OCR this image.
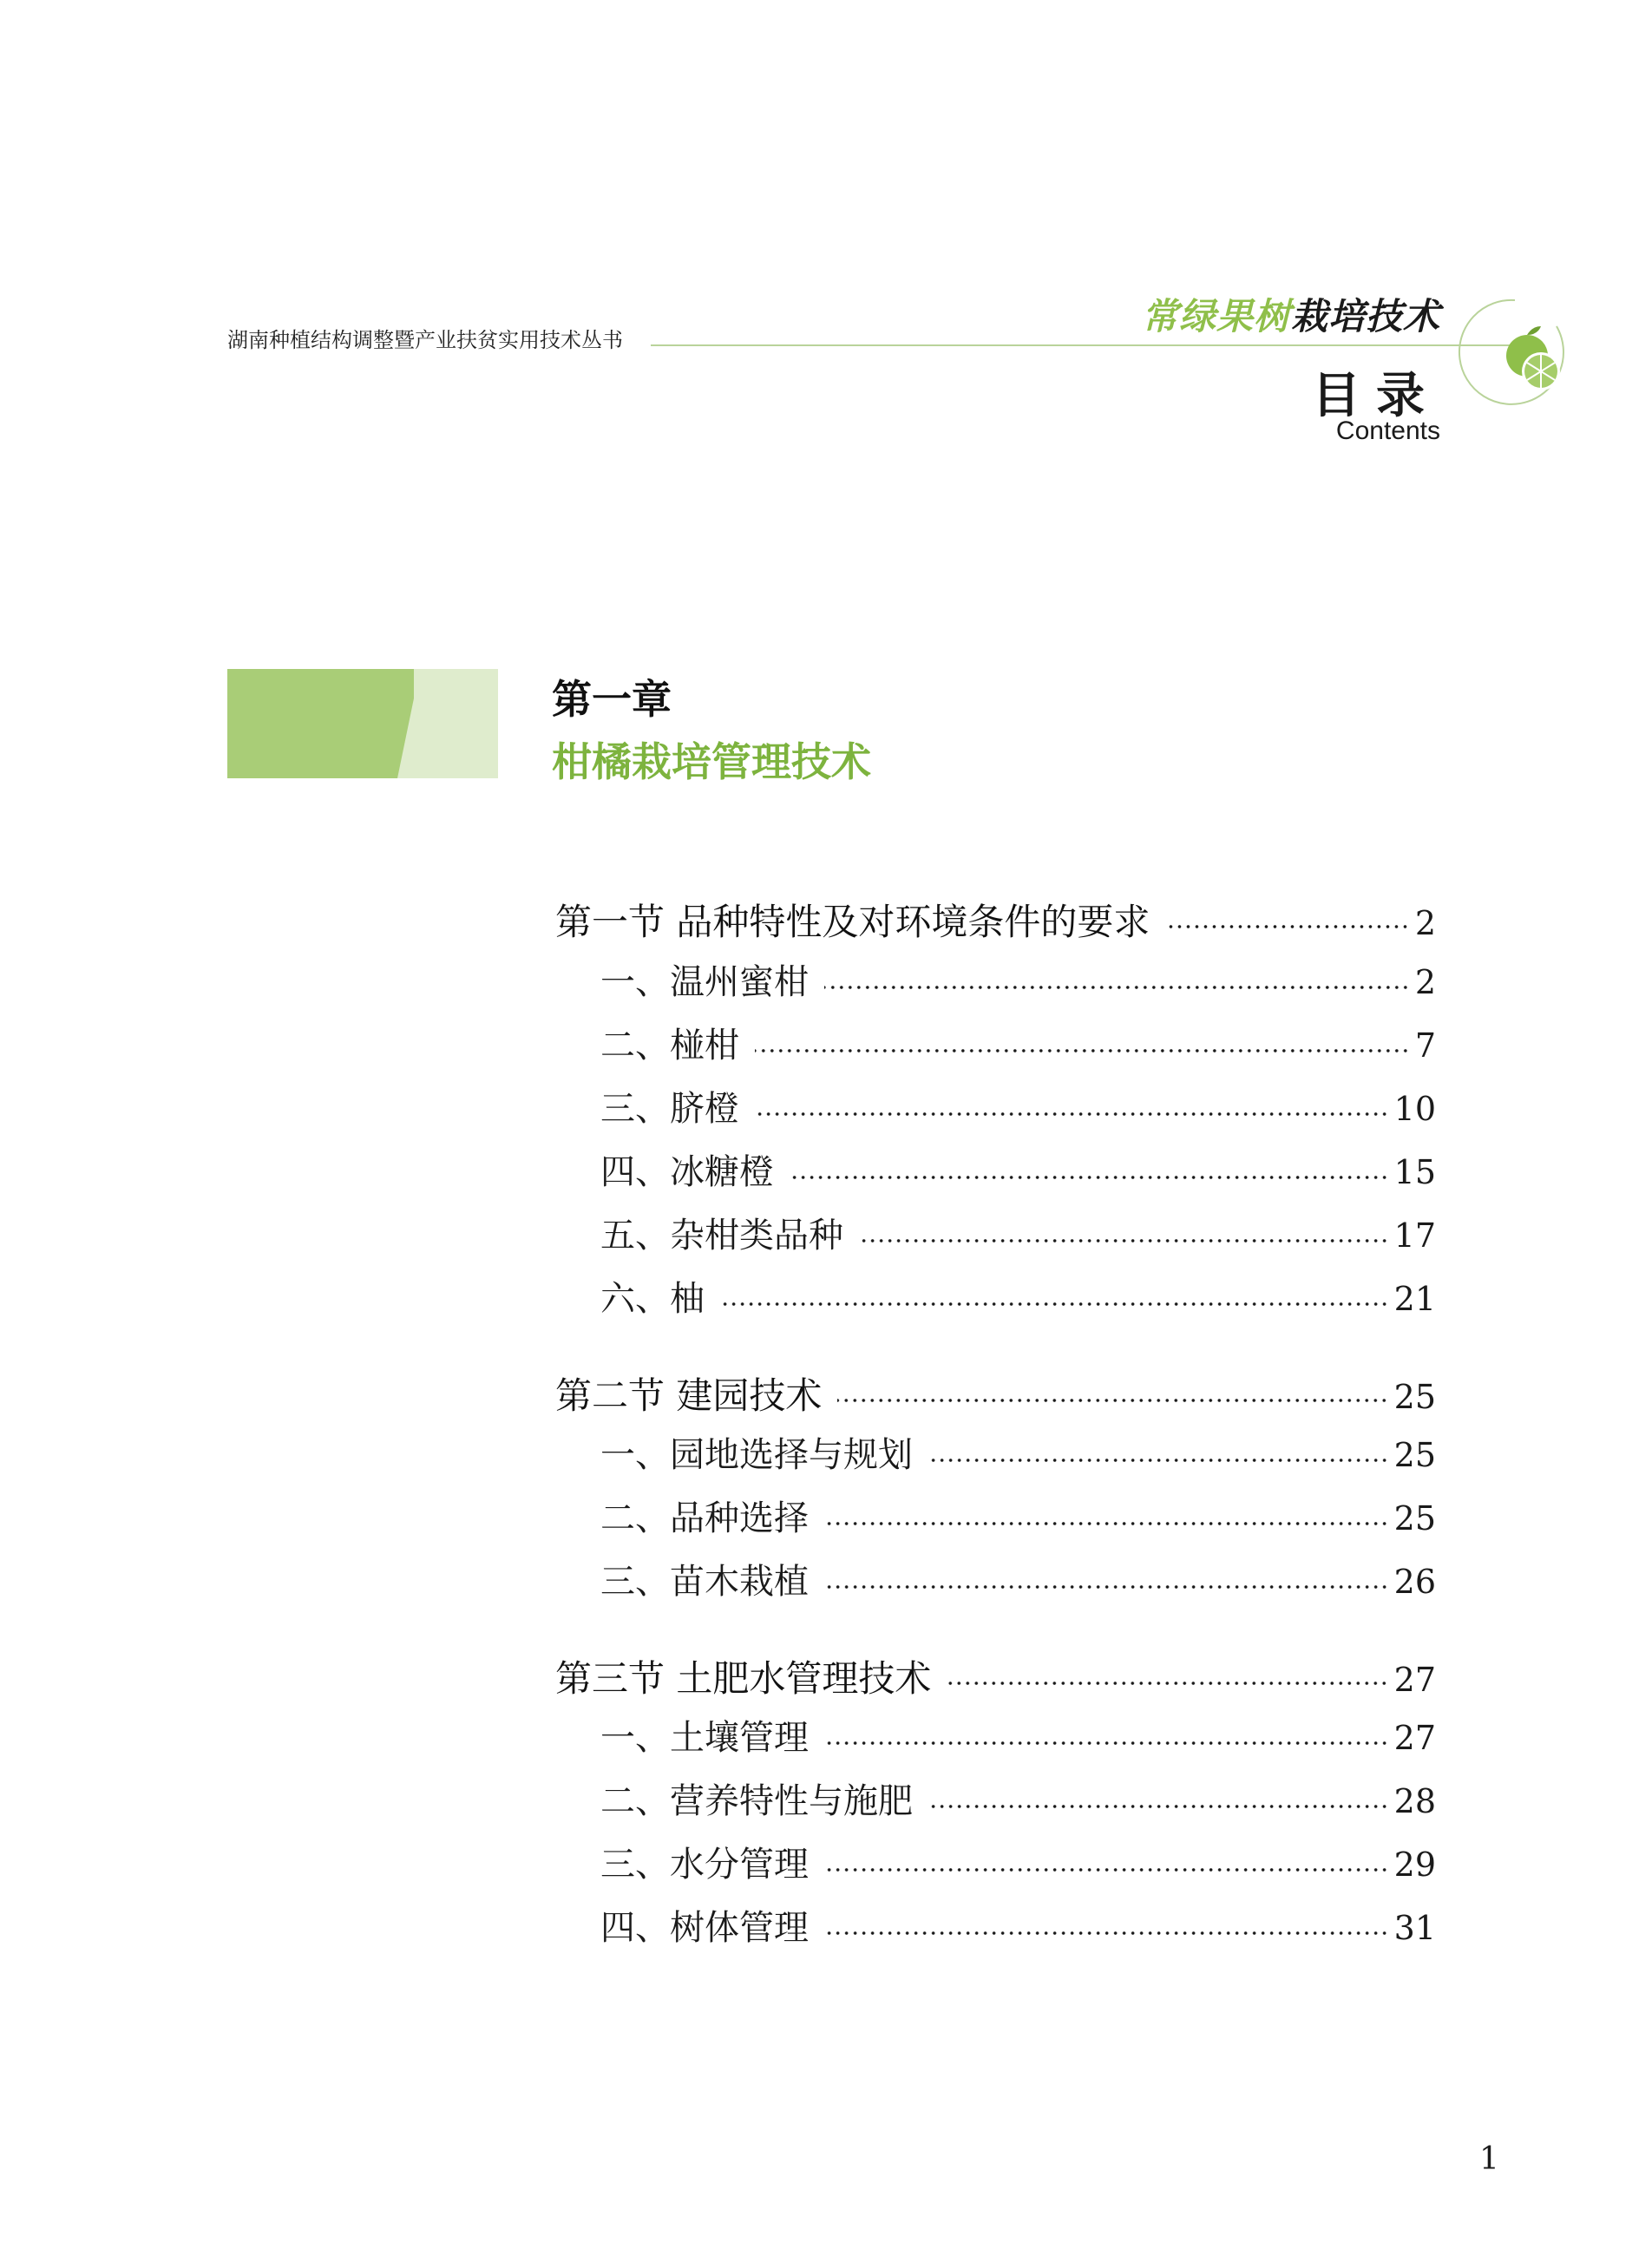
湖南种植结构调整暨产业扶贫实用技术丛书
常绿果树栽培技术
目录
Contents
第一章
柑橘栽培管理技术
第一节 品种特性及对环境条件的要求	2
一、温州蜜柑	2
二、椪柑	7
三、脐橙	10
四、冰糖橙	15
五、杂柑类品种	17
六、柚	21
第二节 建园技术	25
一、园地选择与规划	25
二、品种选择	25
三、苗木栽植	26
第三节 土肥水管理技术	27
一、土壤管理	27
二、营养特性与施肥	28
三、水分管理	29
四、树体管理	31
1
